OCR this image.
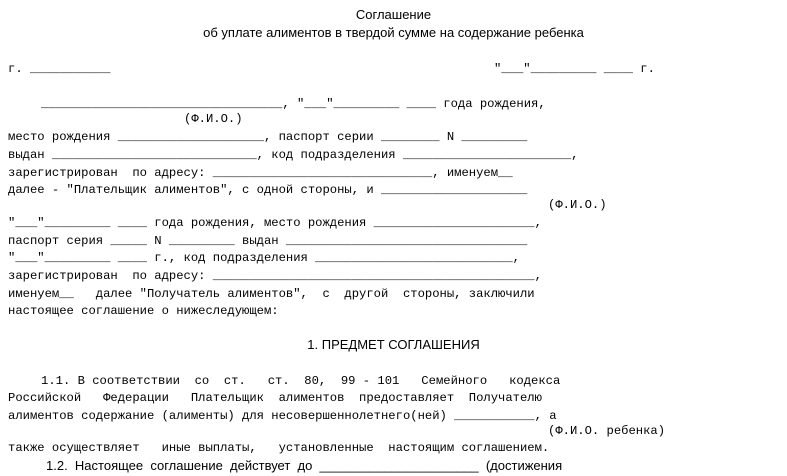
Соглашение
об уплате алиментов в твердой сумме на содержание ребенка
г. ___________	"___"_________ ____ г.
_________________________________, "___"_________ ____ года рождения,
(Ф.И.О.)
место рождения ____________________, паспорт серии ________ N _________
выдан ____________________________, код подразделения _______________________,
зарегистрирован  по адресу: ______________________________, именуем__
далее - "Плательщик алиментов", с одной стороны, и ____________________
(Ф.И.О.)
"___"_________ ____ года рождения, место рождения ______________________,
паспорт серия _____ N _________ выдан _________________________________
"___"_________ ____ г., код подразделения ___________________________,
зарегистрирован  по адресу: ____________________________________________,
именуем__   далее "Получатель алиментов",  с  другой  стороны, заключили
настоящее соглашение о нижеследующем:
1. ПРЕДМЕТ СОГЛАШЕНИЯ
1.1. В соответствии  со  ст.   ст.  80,  99 - 101   Семейного   кодекса
Российской   Федерации   Плательщик  алиментов  предоставляет  Получателю
алиментов содержание (алименты) для несовершеннолетнего(ней) ___________, а
(Ф.И.О. ребенка)
также осуществляет   иные выплаты,   установленные  настоящим соглашением.
1.2.  Настоящее  соглашение  действует  до  ______________________  (достижения
